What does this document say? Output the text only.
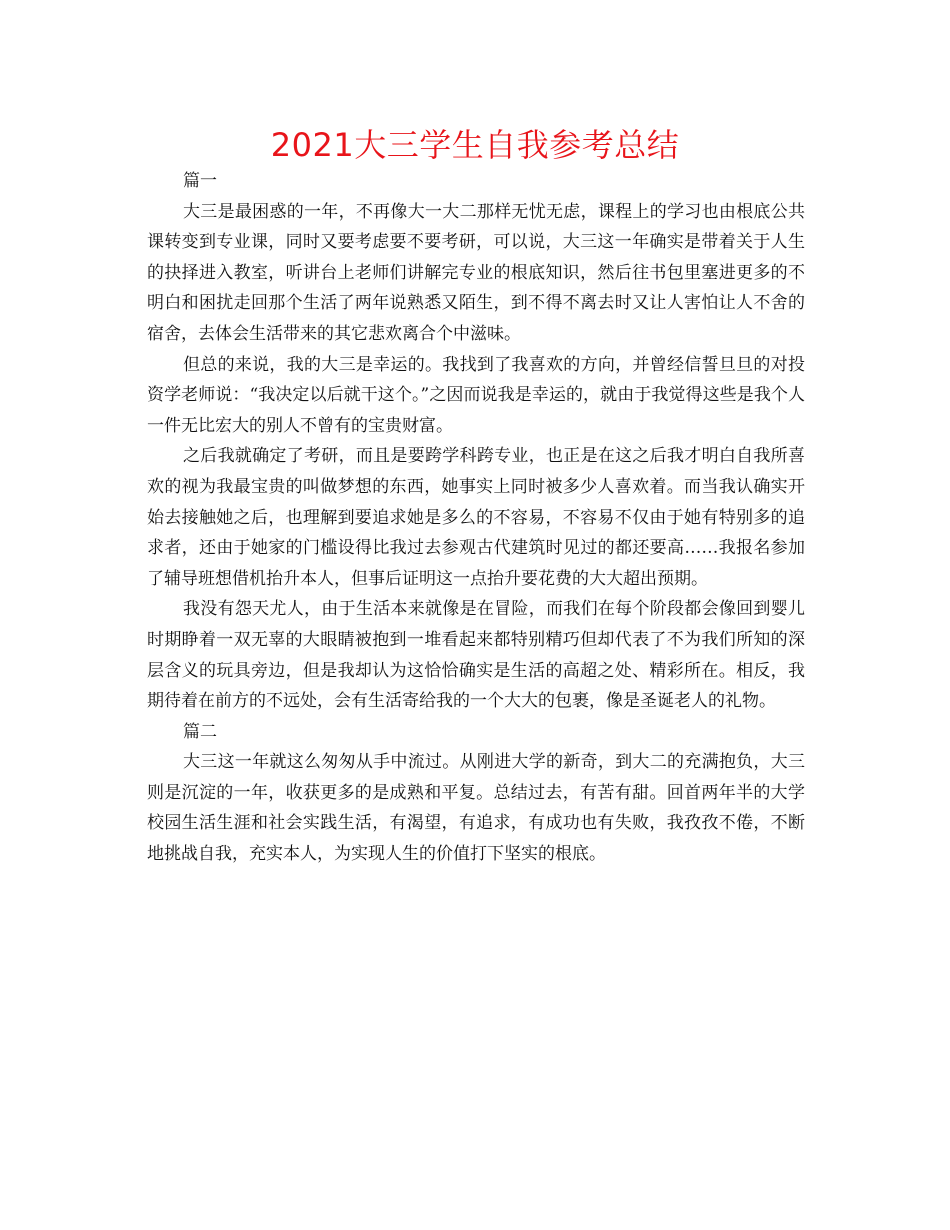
2021大三学生自我参考总结

篇一

大三是最困惑的一年，不再像大一大二那样无忧无虑，课程上的学习也由根底公共课转变到专业课，同时又要考虑要不要考研，可以说，大三这一年确实是带着关于人生的抉择进入教室，听讲台上老师们讲解完专业的根底知识，然后往书包里塞进更多的不明白和困扰走回那个生活了两年说熟悉又陌生，到不得不离去时又让人害怕让人不舍的宿舍，去体会生活带来的其它悲欢离合个中滋味。

但总的来说，我的大三是幸运的。我找到了我喜欢的方向，并曾经信誓旦旦的对投资学老师说：“我决定以后就干这个。”之因而说我是幸运的，就由于我觉得这些是我个人一件无比宏大的别人不曾有的宝贵财富。

之后我就确定了考研，而且是要跨学科跨专业，也正是在这之后我才明白自我所喜欢的视为我最宝贵的叫做梦想的东西，她事实上同时被多少人喜欢着。而当我认确实开始去接触她之后，也理解到要追求她是多么的不容易，不容易不仅由于她有特别多的追求者，还由于她家的门槛设得比我过去参观古代建筑时见过的都还要高……我报名参加了辅导班想借机抬升本人，但事后证明这一点抬升要花费的大大超出预期。

我没有怨天尤人，由于生活本来就像是在冒险，而我们在每个阶段都会像回到婴儿时期睁着一双无辜的大眼睛被抱到一堆看起来都特别精巧但却代表了不为我们所知的深层含义的玩具旁边，但是我却认为这恰恰确实是生活的高超之处、精彩所在。相反，我期待着在前方的不远处，会有生活寄给我的一个大大的包裹，像是圣诞老人的礼物。

篇二

大三这一年就这么匆匆从手中流过。从刚进大学的新奇，到大二的充满抱负，大三则是沉淀的一年，收获更多的是成熟和平复。总结过去，有苦有甜。回首两年半的大学校园生活生涯和社会实践生活，有渴望，有追求，有成功也有失败，我孜孜不倦，不断地挑战自我，充实本人，为实现人生的价值打下坚实的根底。
